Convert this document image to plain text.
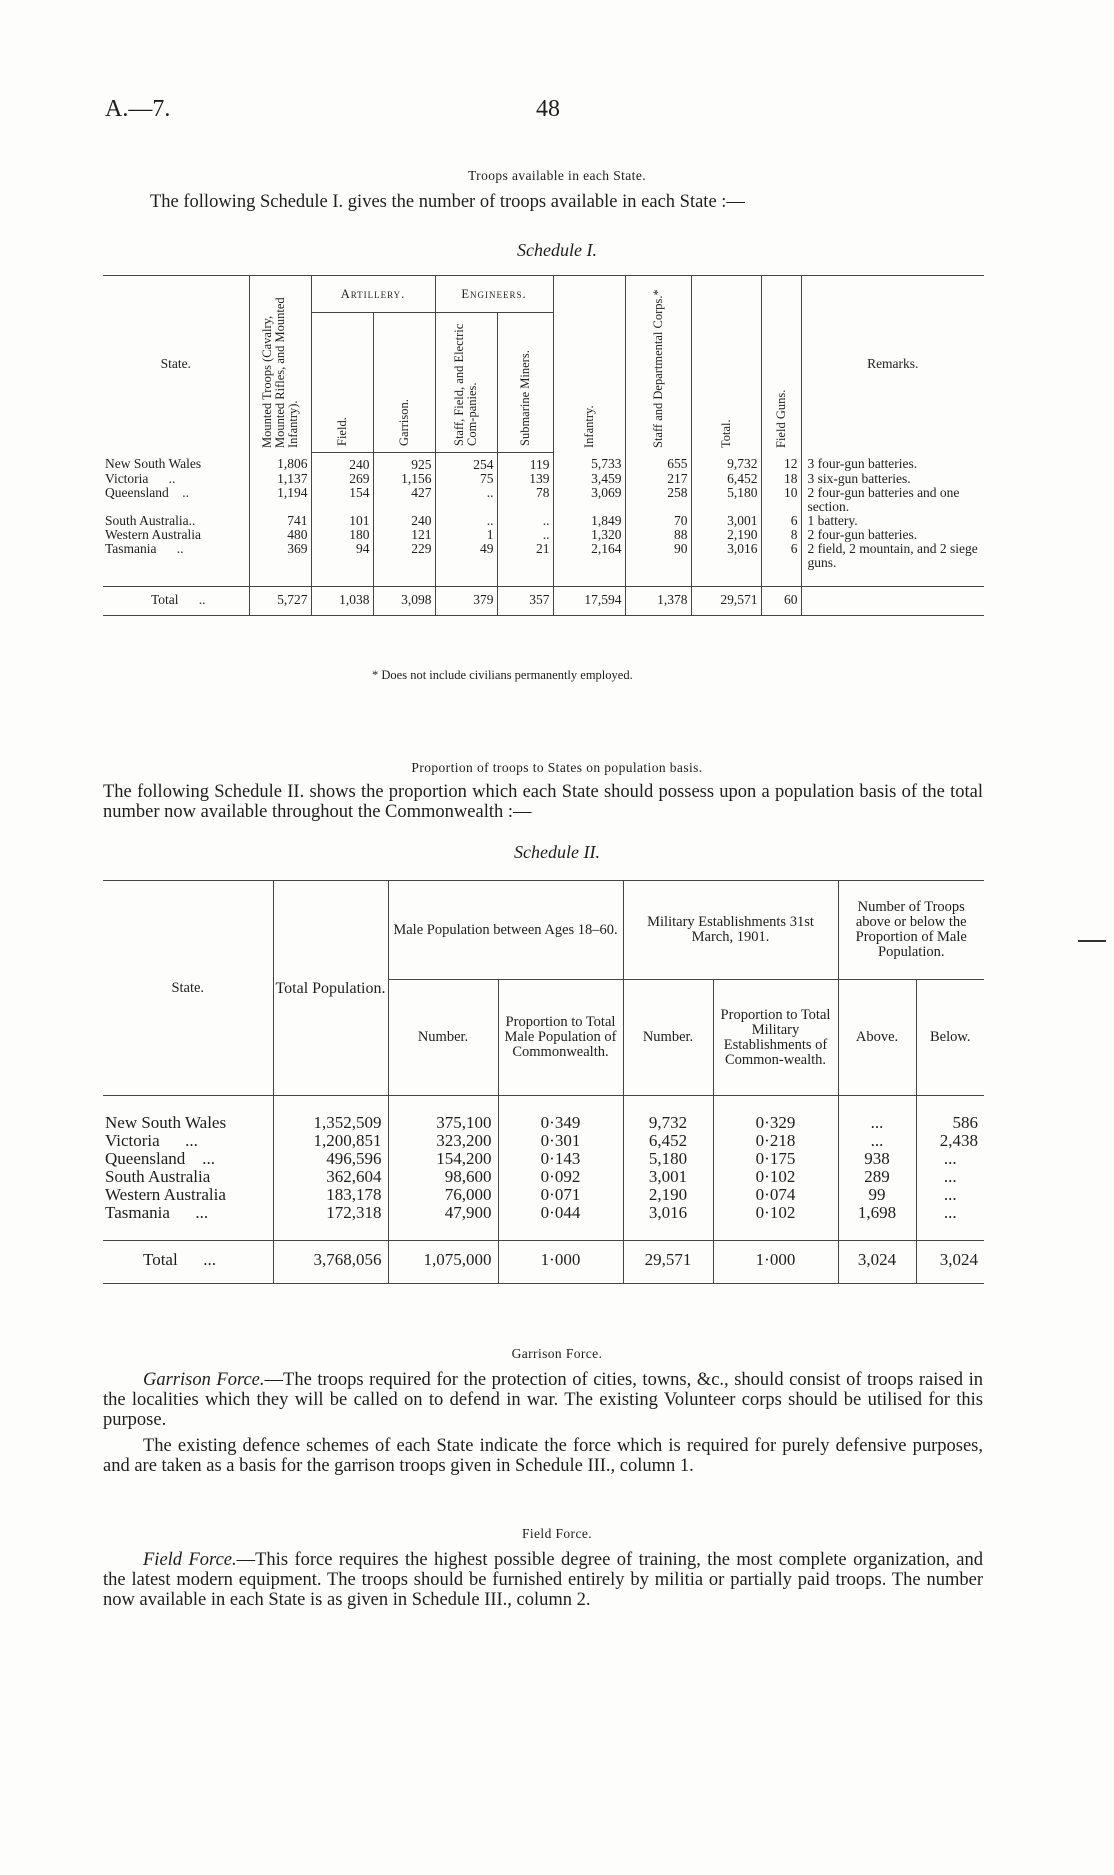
A.—7.	48
Troops available in each State.
The following Schedule I. gives the number of troops available in each State :—
Schedule I.
State.	Mounted Troops (Cavalry, Mounted Rifles, and Mounted Infantry).	Artillery.		Engineers.		Infantry.	Staff and Departmental Corps.*	Total.	Field Guns.	Remarks.
		Field.	Garrison.	Staff, Field, and Electric Com-panies.	Submarine Miners.					
New South Wales	1,806	240	925	254	119	5,733	655	9,732	12	3 four-gun batteries.
Victoria      ..	1,137	269	1,156	75	139	3,459	217	6,452	18	3 six-gun batteries.
Queensland    ..	1,194	154	427	..	78	3,069	258	5,180	10	2 four-gun batteries and one section.
South Australia..	741	101	240	..	..	1,849	70	3,001	6	1 battery.
Western Australia	480	180	121	1	..	1,320	88	2,190	8	2 four-gun batteries.
Tasmania      ..	369	94	229	49	21	2,164	90	3,016	6	2 field, 2 mountain, and 2 siege guns.
Total      ..	5,727	1,038	3,098	379	357	17,594	1,378	29,571	60	
* Does not include civilians permanently employed.
Proportion of troops to States on population basis.
The following Schedule II. shows the proportion which each State should possess upon a population basis of the total number now available throughout the Commonwealth :—
Schedule II.
State.	Total Population.	Male Population between Ages 18–60.		Military Establishments 31st March, 1901.		Number of Troops above or below the Proportion of Male Population.	
		Number.	Proportion to Total Male Population of Commonwealth.	Number.	Proportion to Total Military Establishments of Common-wealth.	Above.	Below.
New South Wales	1,352,509	375,100	0·349	9,732	0·329	...	586
Victoria      ...	1,200,851	323,200	0·301	6,452	0·218	...	2,438
Queensland    ...	496,596	154,200	0·143	5,180	0·175	938	...
South Australia	362,604	98,600	0·092	3,001	0·102	289	...
Western Australia	183,178	76,000	0·071	2,190	0·074	99	...
Tasmania      ...	172,318	47,900	0·044	3,016	0·102	1,698	...
Total      ...	3,768,056	1,075,000	1·000	29,571	1·000	3,024	3,024
Garrison Force.
Garrison Force.—The troops required for the protection of cities, towns, &c., should consist of troops raised in the localities which they will be called on to defend in war. The existing Volunteer corps should be utilised for this purpose.
The existing defence schemes of each State indicate the force which is required for purely defensive purposes, and are taken as a basis for the garrison troops given in Schedule III., column 1.
Field Force.
Field Force.—This force requires the highest possible degree of training, the most complete organization, and the latest modern equipment. The troops should be furnished entirely by militia or partially paid troops. The number now available in each State is as given in Schedule III., column 2.
